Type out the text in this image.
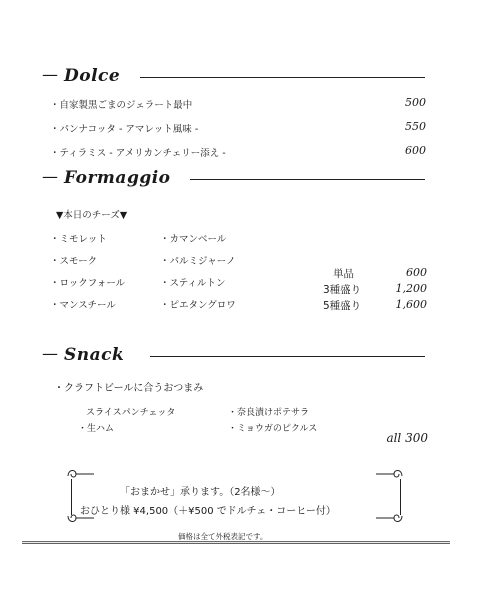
— Dolce
・自家製黒ごまのジェラート最中	500
・パンナコッタ - アマレット風味 -	550
・ティラミス - アメリカンチェリー添え -	600
— Formaggio
▼本日のチーズ▼
・ミモレット
・スモーク
・ロックフォール
・マンスチール
・カマンベール
・パルミジャーノ
・スティルトン
・ピエタングロワ
単品	600
3種盛り	1,200
5種盛り	1,600
— Snack
・クラフトビールに合うおつまみ
スライスパンチェッタ
・生ハム
・奈良漬けポテサラ
・ミョウガのピクルス
all 300
「おまかせ」承ります。（2名様〜）
おひとり様 ¥4,500（＋¥500 でドルチェ・コーヒー付）
価格は全て外税表記です。
